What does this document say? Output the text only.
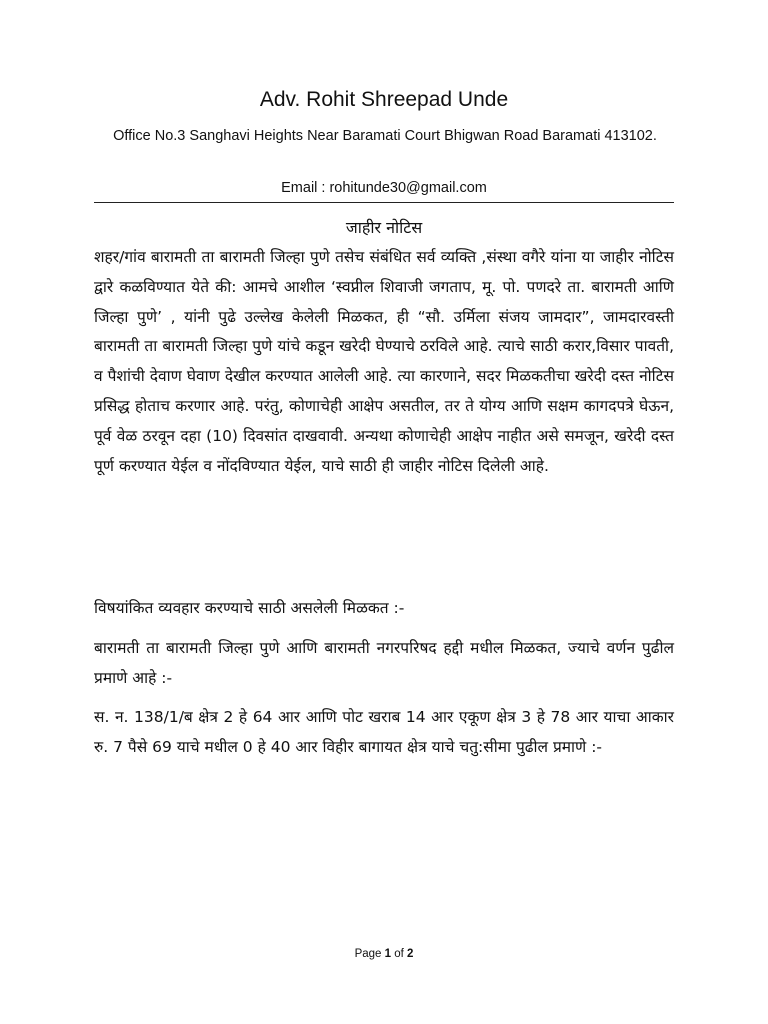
Adv. Rohit Shreepad Unde
Office No.3 Sanghavi Heights Near Baramati Court Bhigwan Road Baramati 413102.
Email : rohitunde30@gmail.com
जाहीर नोटिस
शहर/गांव बारामती ता बारामती जिल्हा पुणे तसेच संबंधित सर्व व्यक्ति ,संस्था वगैरे यांना या जाहीर नोटिस द्वारे कळविण्यात येते की: आमचे आशील ‘स्वप्नील शिवाजी जगताप, मू. पो. पणदरे ता. बारामती आणि जिल्हा पुणे’ , यांनी पुढे उल्लेख केलेली मिळकत, ही “सौ. उर्मिला संजय जामदार”, जामदारवस्ती बारामती ता बारामती जिल्हा पुणे यांचे कडून खरेदी घेण्याचे ठरविले आहे. त्याचे साठी करार,विसार पावती, व पैशांची देवाण घेवाण देखील करण्यात आलेली आहे. त्या कारणाने, सदर मिळकतीचा खरेदी दस्त नोटिस प्रसिद्ध होताच करणार आहे. परंतु, कोणाचेही आक्षेप असतील, तर ते योग्य आणि सक्षम कागदपत्रे घेऊन, पूर्व वेळ ठरवून दहा (10) दिवसांत दाखवावी. अन्यथा कोणाचेही आक्षेप नाहीत असे समजून, खरेदी दस्त पूर्ण करण्यात येईल व नोंदविण्यात येईल, याचे साठी ही जाहीर नोटिस दिलेली आहे.
विषयांकित व्यवहार करण्याचे साठी असलेली मिळकत :-
बारामती ता बारामती जिल्हा पुणे आणि बारामती नगरपरिषद हद्दी मधील मिळकत, ज्याचे वर्णन पुढील प्रमाणे आहे :-
स. न. 138/1/ब क्षेत्र 2 हे 64 आर आणि पोट खराब 14 आर एकूण क्षेत्र 3 हे 78 आर याचा आकार रु. 7 पैसे 69 याचे मधील 0 हे 40 आर विहीर बागायत क्षेत्र याचे चतु:सीमा पुढील प्रमाणे :-
Page 1 of 2
